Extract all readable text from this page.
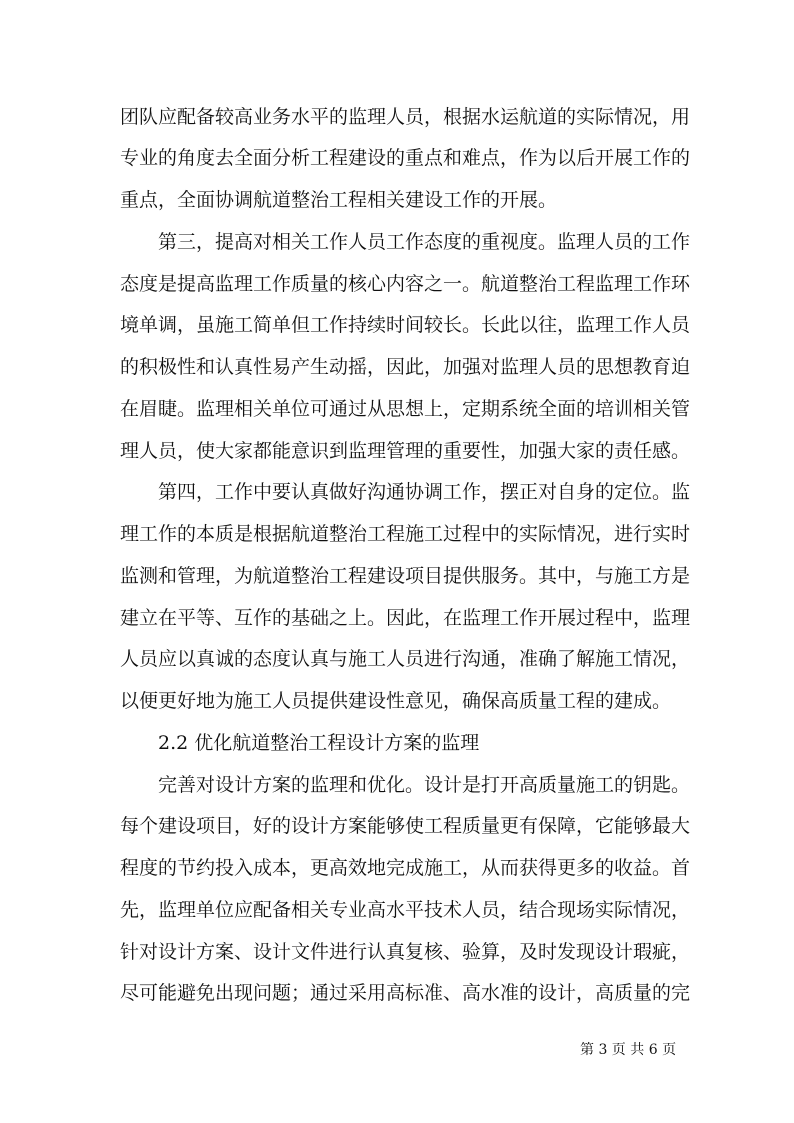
团队应配备较高业务水平的监理人员，根据水运航道的实际情况，用
专业的角度去全面分析工程建设的重点和难点，作为以后开展工作的
重点，全面协调航道整治工程相关建设工作的开展。
第三，提高对相关工作人员工作态度的重视度。监理人员的工作
态度是提高监理工作质量的核心内容之一。航道整治工程监理工作环
境单调，虽施工简单但工作持续时间较长。长此以往，监理工作人员
的积极性和认真性易产生动摇，因此，加强对监理人员的思想教育迫
在眉睫。监理相关单位可通过从思想上，定期系统全面的培训相关管
理人员，使大家都能意识到监理管理的重要性，加强大家的责任感。
第四，工作中要认真做好沟通协调工作，摆正对自身的定位。监
理工作的本质是根据航道整治工程施工过程中的实际情况，进行实时
监测和管理，为航道整治工程建设项目提供服务。其中，与施工方是
建立在平等、互作的基础之上。因此，在监理工作开展过程中，监理
人员应以真诚的态度认真与施工人员进行沟通，准确了解施工情况，
以便更好地为施工人员提供建设性意见，确保高质量工程的建成。
2.2 优化航道整治工程设计方案的监理
完善对设计方案的监理和优化。设计是打开高质量施工的钥匙。
每个建设项目，好的设计方案能够使工程质量更有保障，它能够最大
程度的节约投入成本，更高效地完成施工，从而获得更多的收益。首
先，监理单位应配备相关专业高水平技术人员，结合现场实际情况，
针对设计方案、设计文件进行认真复核、验算，及时发现设计瑕疵，
尽可能避免出现问题；通过采用高标准、高水准的设计，高质量的完
第 3 页 共 6 页
